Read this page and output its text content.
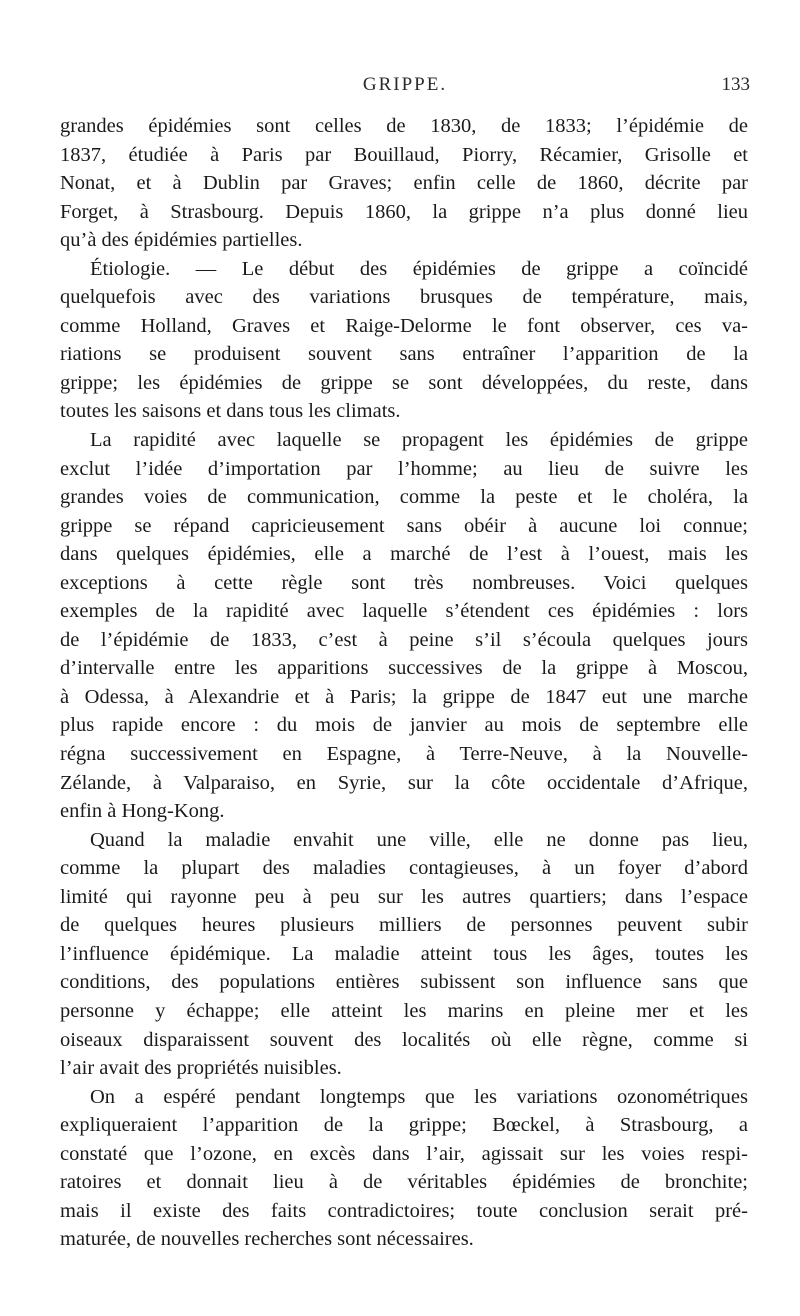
GRIPPE.	133
grandes épidémies sont celles de 1830, de 1833; l’épidémie de
1837, étudiée à Paris par Bouillaud, Piorry, Récamier, Grisolle et
Nonat, et à Dublin par Graves; enfin celle de 1860, décrite par
Forget, à Strasbourg. Depuis 1860, la grippe n’a plus donné lieu
qu’à des épidémies partielles.
Étiologie. — Le début des épidémies de grippe a coïncidé
quelquefois avec des variations brusques de température, mais,
comme Holland, Graves et Raige-Delorme le font observer, ces va-
riations se produisent souvent sans entraîner l’apparition de la
grippe; les épidémies de grippe se sont développées, du reste, dans
toutes les saisons et dans tous les climats.
La rapidité avec laquelle se propagent les épidémies de grippe
exclut l’idée d’importation par l’homme; au lieu de suivre les
grandes voies de communication, comme la peste et le choléra, la
grippe se répand capricieusement sans obéir à aucune loi connue;
dans quelques épidémies, elle a marché de l’est à l’ouest, mais les
exceptions à cette règle sont très nombreuses. Voici quelques
exemples de la rapidité avec laquelle s’étendent ces épidémies : lors
de l’épidémie de 1833, c’est à peine s’il s’écoula quelques jours
d’intervalle entre les apparitions successives de la grippe à Moscou,
à Odessa, à Alexandrie et à Paris; la grippe de 1847 eut une marche
plus rapide encore : du mois de janvier au mois de septembre elle
régna successivement en Espagne, à Terre-Neuve, à la Nouvelle-
Zélande, à Valparaiso, en Syrie, sur la côte occidentale d’Afrique,
enfin à Hong-Kong.
Quand la maladie envahit une ville, elle ne donne pas lieu,
comme la plupart des maladies contagieuses, à un foyer d’abord
limité qui rayonne peu à peu sur les autres quartiers; dans l’espace
de quelques heures plusieurs milliers de personnes peuvent subir
l’influence épidémique. La maladie atteint tous les âges, toutes les
conditions, des populations entières subissent son influence sans que
personne y échappe; elle atteint les marins en pleine mer et les
oiseaux disparaissent souvent des localités où elle règne, comme si
l’air avait des propriétés nuisibles.
On a espéré pendant longtemps que les variations ozonométriques
expliqueraient l’apparition de la grippe; Bœckel, à Strasbourg, a
constaté que l’ozone, en excès dans l’air, agissait sur les voies respi-
ratoires et donnait lieu à de véritables épidémies de bronchite;
mais il existe des faits contradictoires; toute conclusion serait pré-
maturée, de nouvelles recherches sont nécessaires.
